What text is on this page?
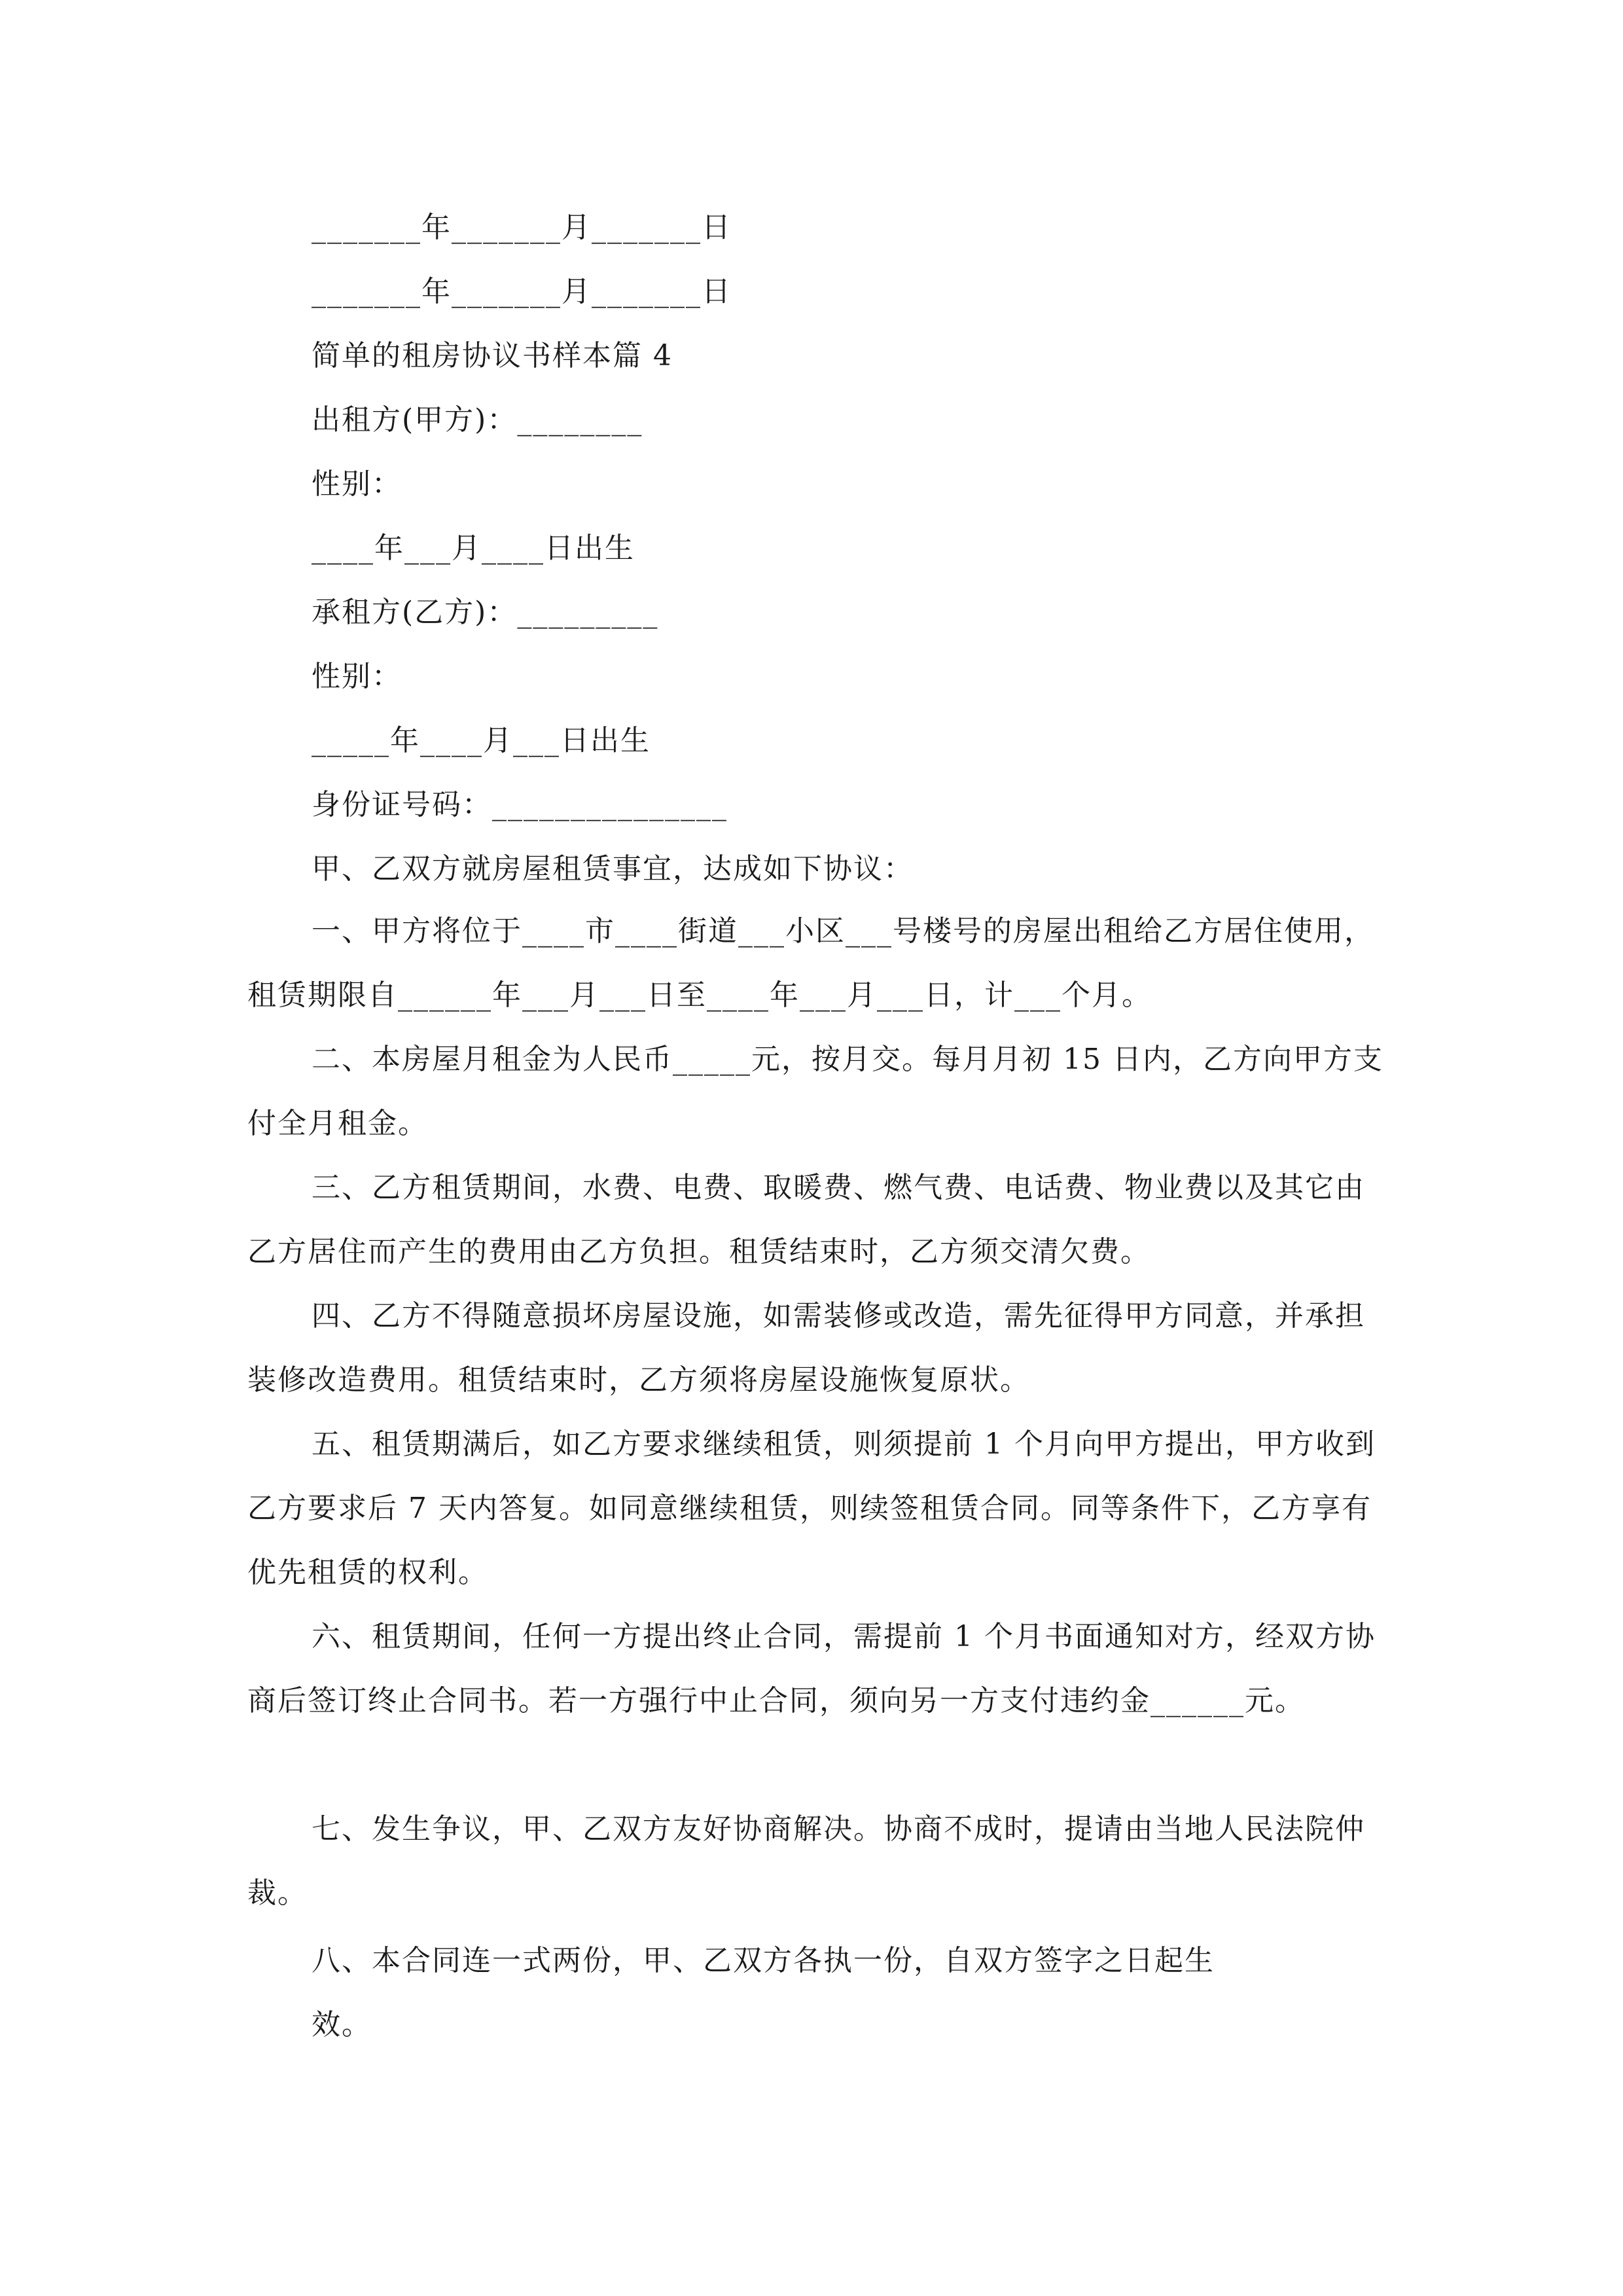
_______年_______月_______日
_______年_______月_______日
简单的租房协议书样本篇 4
出租方(甲方)：________
性别：
____年___月____日出生
承租方(乙方)：_________
性别：
_____年____月___日出生
身份证号码：_______________
甲、乙双方就房屋租赁事宜，达成如下协议：
一、甲方将位于____市____街道___小区___号楼号的房屋出租给乙方居住使用，租赁期限自______年___月___日至____年___月___日，计___个月。
二、本房屋月租金为人民币_____元，按月交。每月月初 15 日内，乙方向甲方支付全月租金。
三、乙方租赁期间，水费、电费、取暖费、燃气费、电话费、物业费以及其它由乙方居住而产生的费用由乙方负担。租赁结束时，乙方须交清欠费。
四、乙方不得随意损坏房屋设施，如需装修或改造，需先征得甲方同意，并承担装修改造费用。租赁结束时，乙方须将房屋设施恢复原状。
五、租赁期满后，如乙方要求继续租赁，则须提前 1 个月向甲方提出，甲方收到乙方要求后 7 天内答复。如同意继续租赁，则续签租赁合同。同等条件下，乙方享有优先租赁的权利。
六、租赁期间，任何一方提出终止合同，需提前 1 个月书面通知对方，经双方协商后签订终止合同书。若一方强行中止合同，须向另一方支付违约金______元。
七、发生争议，甲、乙双方友好协商解决。协商不成时，提请由当地人民法院仲裁。
八、本合同连一式两份，甲、乙双方各执一份，自双方签字之日起生
效。
